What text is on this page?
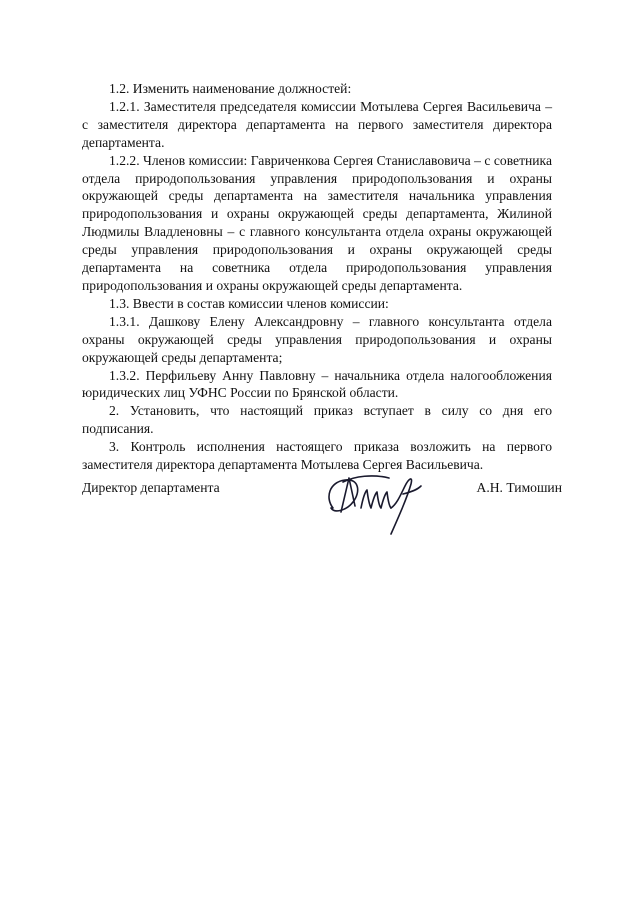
1.2. Изменить наименование должностей:

1.2.1. Заместителя председателя комиссии Мотылева Сергея Васильевича – с заместителя директора департамента на первого заместителя директора департамента.

1.2.2. Членов комиссии: Гавриченкова Сергея Станиславовича – с советника отдела природопользования управления природопользования и охраны окружающей среды департамента на заместителя начальника управления природопользования и охраны окружающей среды департамента, Жилиной Людмилы Владленовны – с главного консультанта отдела охраны окружающей среды управления природопользования и охраны окружающей среды департамента на советника отдела природопользования управления природопользования и охраны окружающей среды департамента.

1.3. Ввести в состав комиссии членов комиссии:

1.3.1. Дашкову Елену Александровну – главного консультанта отдела охраны окружающей среды управления природопользования и охраны окружающей среды департамента;

1.3.2. Перфильеву Анну Павловну – начальника отдела налогообложения юридических лиц УФНС России по Брянской области.

2. Установить, что настоящий приказ вступает в силу со дня его подписания.

3. Контроль исполнения настоящего приказа возложить на первого заместителя директора департамента Мотылева Сергея Васильевича.

Директор департамента	А.Н. Тимошин
